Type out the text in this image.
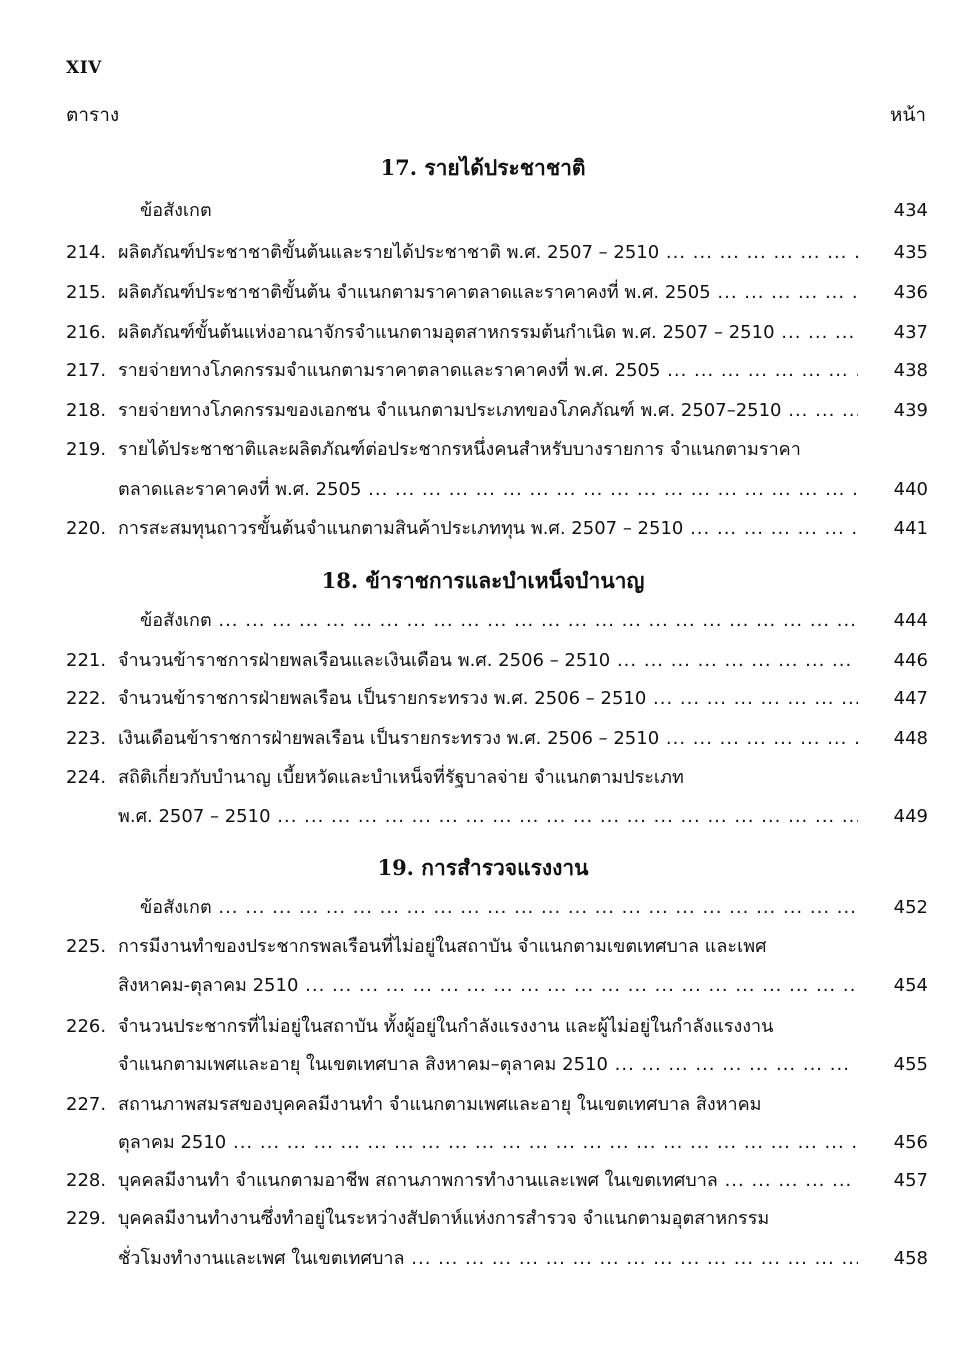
XIV
ตาราง	หน้า
17. รายได้ประชาชาติ
ข้อสังเกต	434
214. ผลิตภัณฑ์ประชาชาติขั้นต้นและรายได้ประชาชาติ พ.ศ. 2507 – 2510 ... .	435
215. ผลิตภัณฑ์ประชาชาติขั้นต้น จำแนกตามราคาตลาดและราคาคงที่ พ.ศ. 2505 ... .	436
216. ผลิตภัณฑ์ขั้นต้นแห่งอาณาจักรจำแนกตามอุตสาหกรรมต้นกำเนิด พ.ศ. 2507 – 2510 ... .	437
217. รายจ่ายทางโภคกรรมจำแนกตามราคาตลาดและราคาคงที่ พ.ศ. 2505 ... .	438
218. รายจ่ายทางโภคกรรมของเอกชน จำแนกตามประเภทของโภคภัณฑ์ พ.ศ. 2507–2510 ... .	439
219. รายได้ประชาชาติและผลิตภัณฑ์ต่อประชากรหนึ่งคนสำหรับบางรายการ จำแนกตามราคา
ตลาดและราคาคงที่ พ.ศ. 2505 ... .	440
220. การสะสมทุนถาวรขั้นต้นจำแนกตามสินค้าประเภททุน พ.ศ. 2507 – 2510 ... .	441
18. ข้าราชการและบำเหน็จบำนาญ
ข้อสังเกต ... .	444
221. จำนวนข้าราชการฝ่ายพลเรือนและเงินเดือน พ.ศ. 2506 – 2510 ... .	446
222. จำนวนข้าราชการฝ่ายพลเรือน เป็นรายกระทรวง พ.ศ. 2506 – 2510 ... .	447
223. เงินเดือนข้าราชการฝ่ายพลเรือน เป็นรายกระทรวง พ.ศ. 2506 – 2510 ... .	448
224. สถิติเกี่ยวกับบำนาญ เบี้ยหวัดและบำเหน็จที่รัฐบาลจ่าย จำแนกตามประเภท
พ.ศ. 2507 – 2510 ... .	449
19. การสำรวจแรงงาน
ข้อสังเกต ... .	452
225. การมีงานทำของประชากรพลเรือนที่ไม่อยู่ในสถาบัน จำแนกตามเขตเทศบาล และเพศ
สิงหาคม-ตุลาคม 2510 ... .	454
226. จำนวนประชากรที่ไม่อยู่ในสถาบัน ทั้งผู้อยู่ในกำลังแรงงาน และผู้ไม่อยู่ในกำลังแรงงาน
จำแนกตามเพศและอายุ ในเขตเทศบาล สิงหาคม–ตุลาคม 2510 ... .	455
227. สถานภาพสมรสของบุคคลมีงานทำ จำแนกตามเพศและอายุ ในเขตเทศบาล สิงหาคม
ตุลาคม 2510 ... .	456
228. บุคคลมีงานทำ จำแนกตามอาชีพ สถานภาพการทำงานและเพศ ในเขตเทศบาล ... .	457
229. บุคคลมีงานทำงานซึ่งทำอยู่ในระหว่างสัปดาห์แห่งการสำรวจ จำแนกตามอุตสาหกรรม
ชั่วโมงทำงานและเพศ ในเขตเทศบาล ... .	458
